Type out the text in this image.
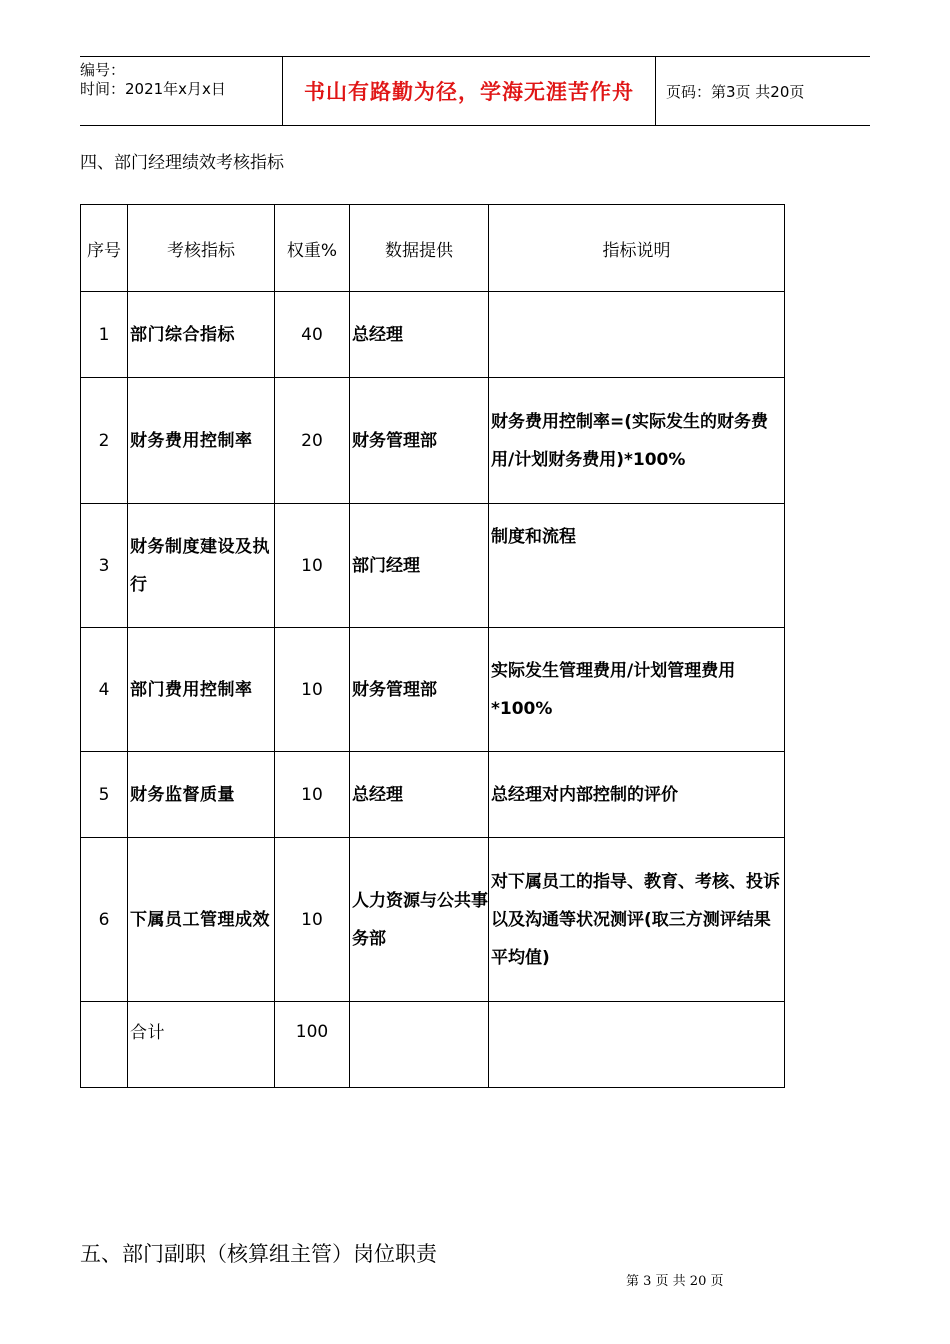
编号：
时间：2021年x月x日	书山有路勤为径，学海无涯苦作舟	页码：第3页 共20页
四、部门经理绩效考核指标
序号	考核指标	权重%	数据提供	指标说明
1	部门综合指标	40	总经理	
2	财务费用控制率	20	财务管理部	财务费用控制率=(实际发生的财务费用/计划财务费用)*100%
3	财务制度建设及执行	10	部门经理	制度和流程
4	部门费用控制率	10	财务管理部	实际发生管理费用/计划管理费用*100%
5	财务监督质量	10	总经理	总经理对内部控制的评价
6	下属员工管理成效	10	人力资源与公共事务部	对下属员工的指导、教育、考核、投诉以及沟通等状况测评(取三方测评结果平均值)
	合计	100		
五、部门副职（核算组主管）岗位职责
第 3 页 共 20 页
